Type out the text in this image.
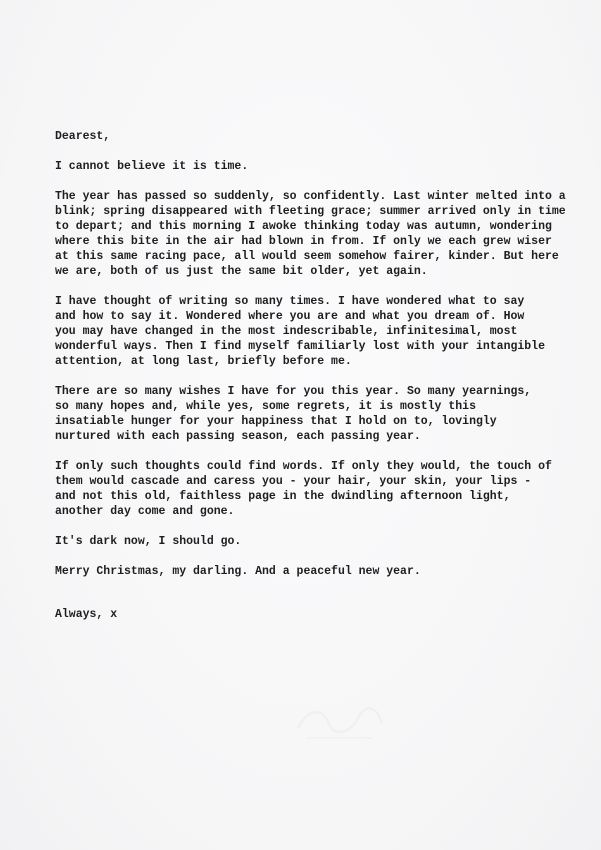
Dearest,
I cannot believe it is time.
The year has passed so suddenly, so confidently. Last winter melted into a
blink; spring disappeared with fleeting grace; summer arrived only in time
to depart; and this morning I awoke thinking today was autumn, wondering
where this bite in the air had blown in from. If only we each grew wiser
at this same racing pace, all would seem somehow fairer, kinder. But here
we are, both of us just the same bit older, yet again.
I have thought of writing so many times. I have wondered what to say
and how to say it. Wondered where you are and what you dream of. How
you may have changed in the most indescribable, infinitesimal, most
wonderful ways. Then I find myself familiarly lost with your intangible
attention, at long last, briefly before me.
There are so many wishes I have for you this year. So many yearnings,
so many hopes and, while yes, some regrets, it is mostly this
insatiable hunger for your happiness that I hold on to, lovingly
nurtured with each passing season, each passing year.
If only such thoughts could find words. If only they would, the touch of
them would cascade and caress you - your hair, your skin, your lips -
and not this old, faithless page in the dwindling afternoon light,
another day come and gone.
It's dark now, I should go.
Merry Christmas, my darling. And a peaceful new year.
Always, x
